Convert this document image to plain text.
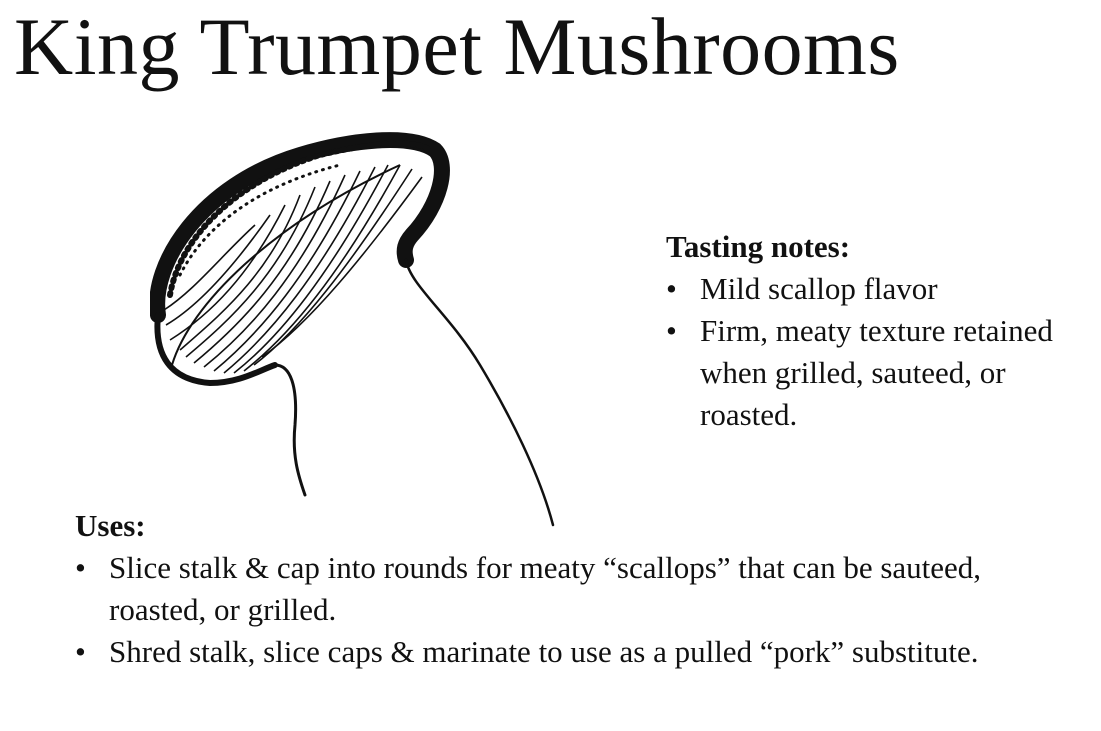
King Trumpet Mushrooms

Tasting notes:

• Mild scallop flavor
• Firm, meaty texture retained when grilled, sauteed, or roasted.

Uses:

• Slice stalk & cap into rounds for meaty “scallops” that can be sauteed, roasted, or grilled.
• Shred stalk, slice caps & marinate to use as a pulled “pork” substitute.
